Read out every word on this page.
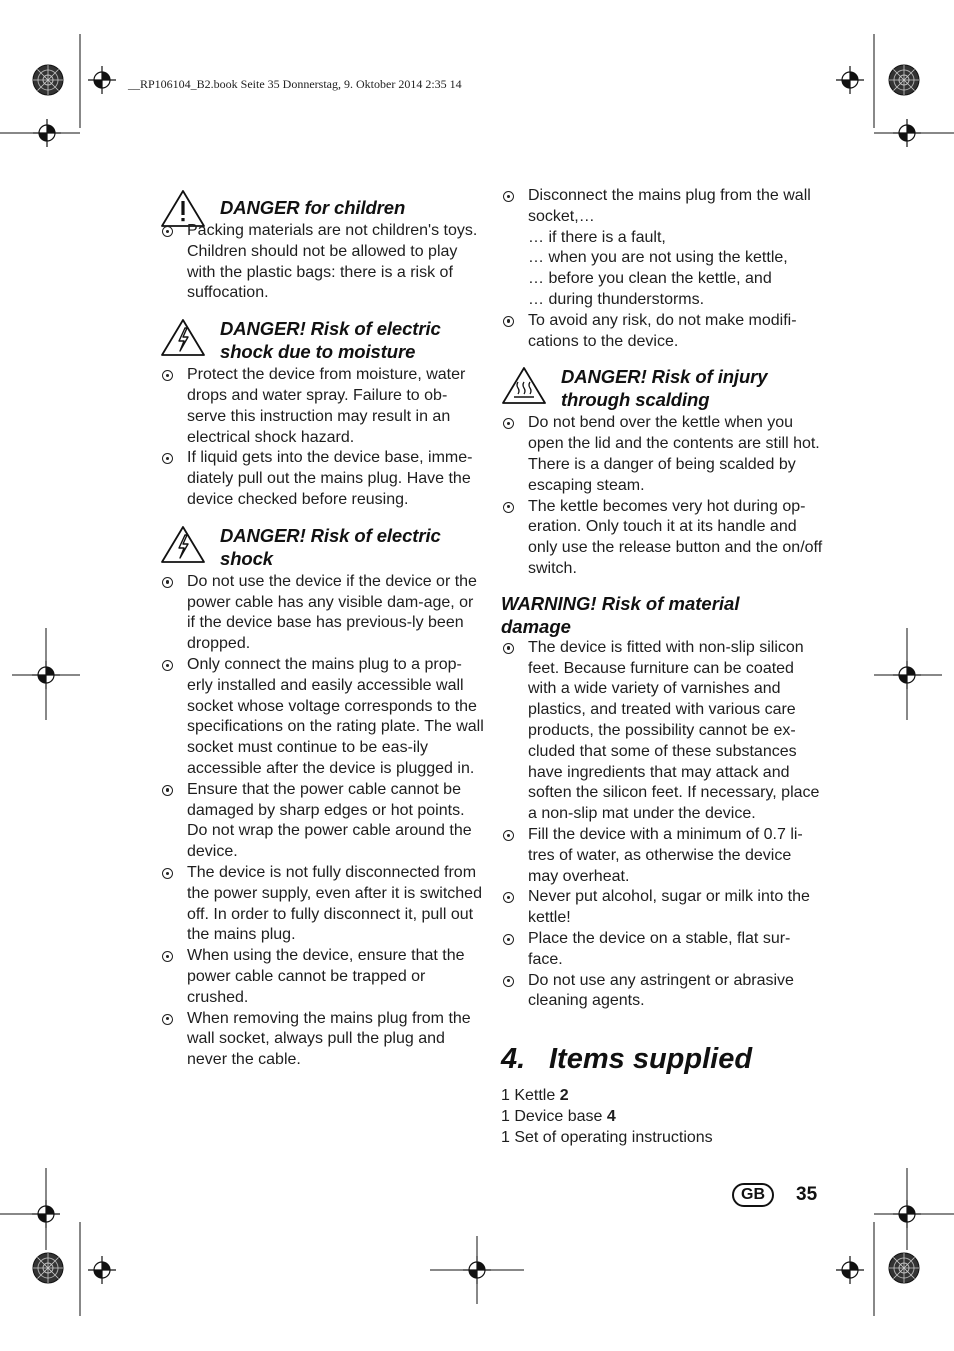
__RP106104_B2.book Seite 35 Donnerstag, 9. Oktober 2014 2:35 14
DANGER for children
Packing materials are not children's toys. Children should not be allowed to play with the plastic bags: there is a risk of suffocation.
DANGER! Risk of electric
shock due to moisture
Protect the device from moisture, water drops and water spray. Failure to ob-serve this instruction may result in an electrical shock hazard.
If liquid gets into the device base, imme-diately pull out the mains plug. Have the device checked before reusing.
DANGER! Risk of electric
shock
Do not use the device if the device or the power cable has any visible dam-age, or if the device base has previous-ly been dropped.
Only connect the mains plug to a prop-erly installed and easily accessible wall socket whose voltage corresponds to the specifications on the rating plate. The wall socket must continue to be eas-ily accessible after the device is plugged in.
Ensure that the power cable cannot be damaged by sharp edges or hot points. Do not wrap the power cable around the device.
The device is not fully disconnected from the power supply, even after it is switched off. In order to fully disconnect it, pull out the mains plug.
When using the device, ensure that the power cable cannot be trapped or crushed.
When removing the mains plug from the wall socket, always pull the plug and never the cable.
Disconnect the mains plug from the wall socket,…
… if there is a fault,
… when you are not using the kettle,
… before you clean the kettle, and
… during thunderstorms.
To avoid any risk, do not make modifi-cations to the device.
DANGER! Risk of injury
through scalding
Do not bend over the kettle when you open the lid and the contents are still hot. There is a danger of being scalded by escaping steam.
The kettle becomes very hot during op-eration. Only touch it at its handle and only use the release button and the on/off switch.
WARNING! Risk of material
damage
The device is fitted with non-slip silicon feet. Because furniture can be coated with a wide variety of varnishes and plastics, and treated with various care products, the possibility cannot be ex-cluded that some of these substances have ingredients that may attack and soften the silicon feet. If necessary, place a non-slip mat under the device.
Fill the device with a minimum of 0.7 li-tres of water, as otherwise the device may overheat.
Never put alcohol, sugar or milk into the kettle!
Place the device on a stable, flat sur-face.
Do not use any astringent or abrasive cleaning agents.
4. Items supplied
1 Kettle 2
1 Device base 4
1 Set of operating instructions
GB	35
